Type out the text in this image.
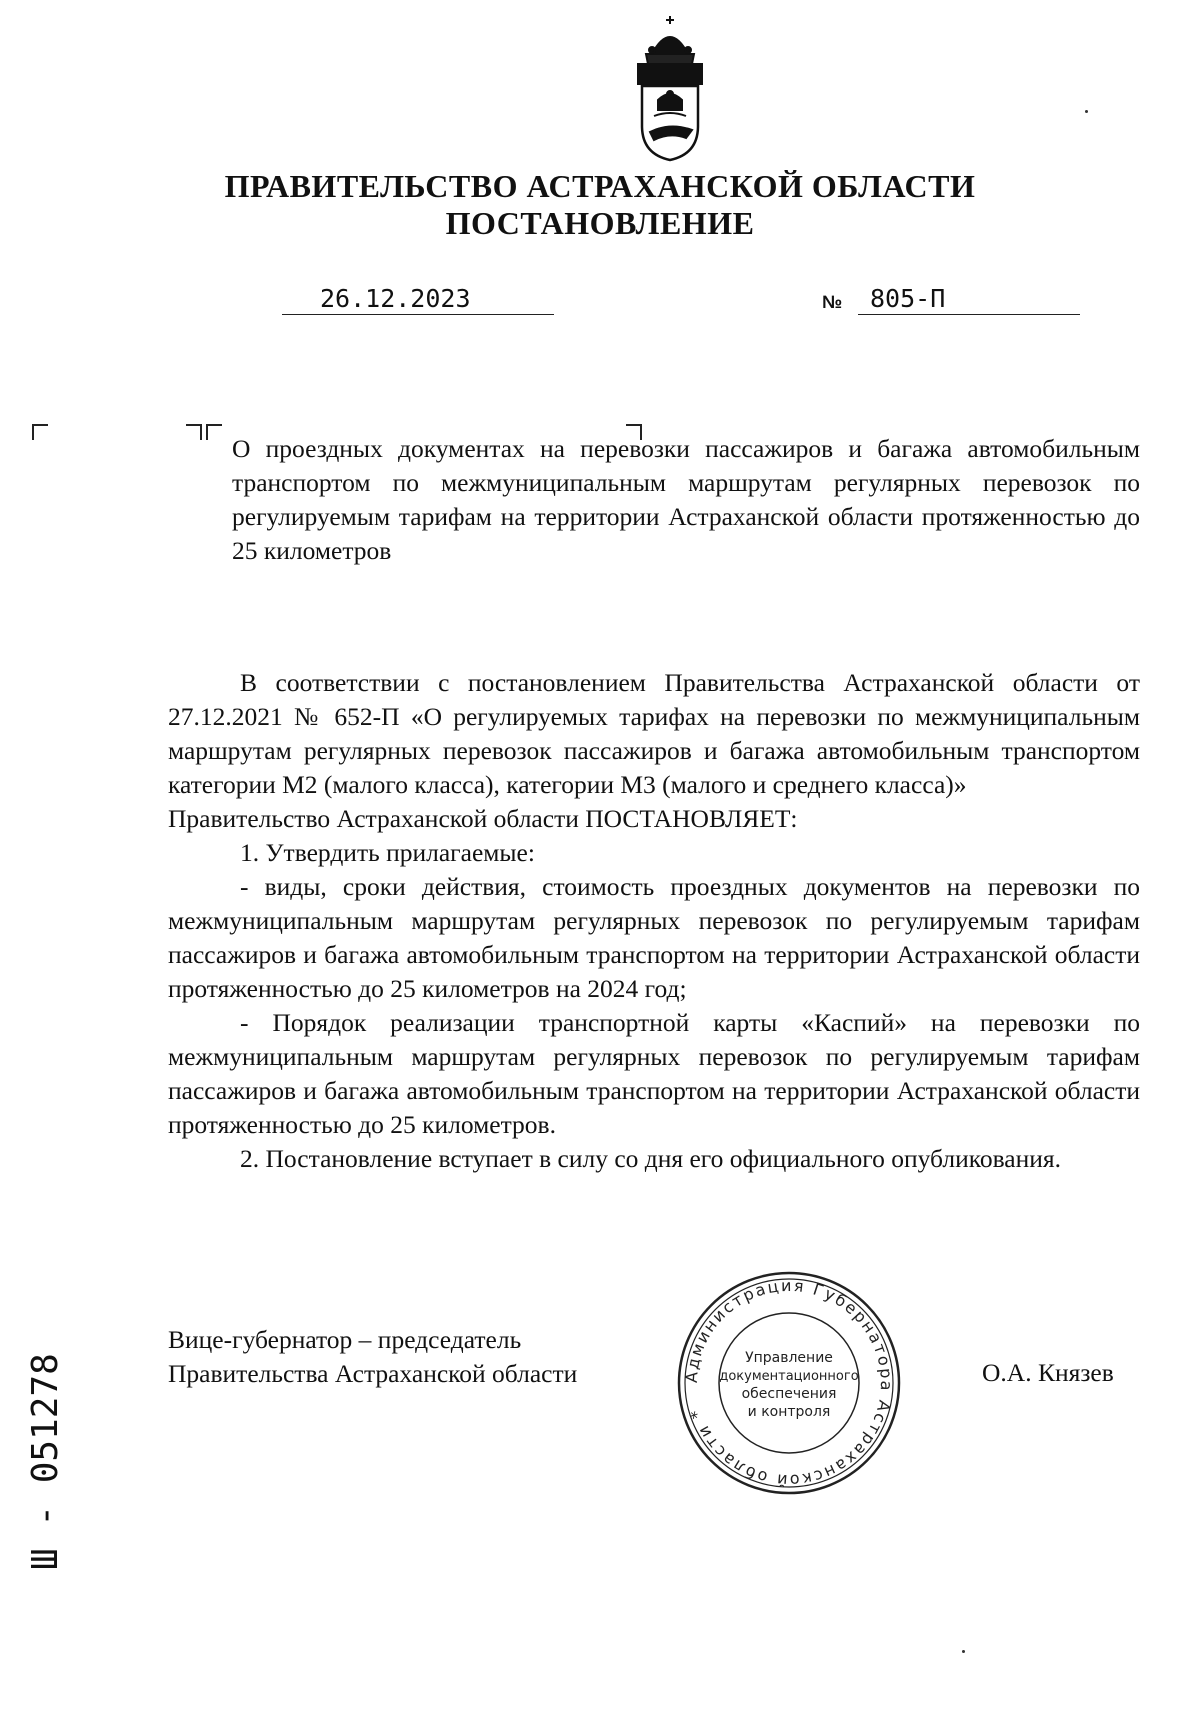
ПРАВИТЕЛЬСТВО АСТРАХАНСКОЙ ОБЛАСТИ
ПОСТАНОВЛЕНИЕ
26.12.2023	№ 805-П
О проездных документах на перевозки пассажиров и багажа автомобильным транспортом по межмуниципальным маршрутам регулярных перевозок по регулируемым тарифам на территории Астраханской области протяженностью до 25 километров

В соответствии с постановлением Правительства Астраханской области от 27.12.2021 № 652-П «О регулируемых тарифах на перевозки по межмуниципальным маршрутам регулярных перевозок пассажиров и багажа автомобильным транспортом категории М2 (малого класса), категории М3 (малого и среднего класса)»

Правительство Астраханской области ПОСТАНОВЛЯЕТ:

1. Утвердить прилагаемые:

- виды, сроки действия, стоимость проездных документов на перевозки по межмуниципальным маршрутам регулярных перевозок по регулируемым тарифам пассажиров и багажа автомобильным транспортом на территории Астраханской области протяженностью до 25 километров на 2024 год;

- Порядок реализации транспортной карты «Каспий» на перевозки по межмуниципальным маршрутам регулярных перевозок по регулируемым тарифам пассажиров и багажа автомобильным транспортом на территории Астраханской области протяженностью до 25 километров.

2. Постановление вступает в силу со дня его официального опубликования.

Вице-губернатор – председатель
Правительства Астраханской области	О.А. Князев
Администрация Губернатора Астраханской области *
Управление
документационного
обеспечения
и контроля
Ш - 051278
